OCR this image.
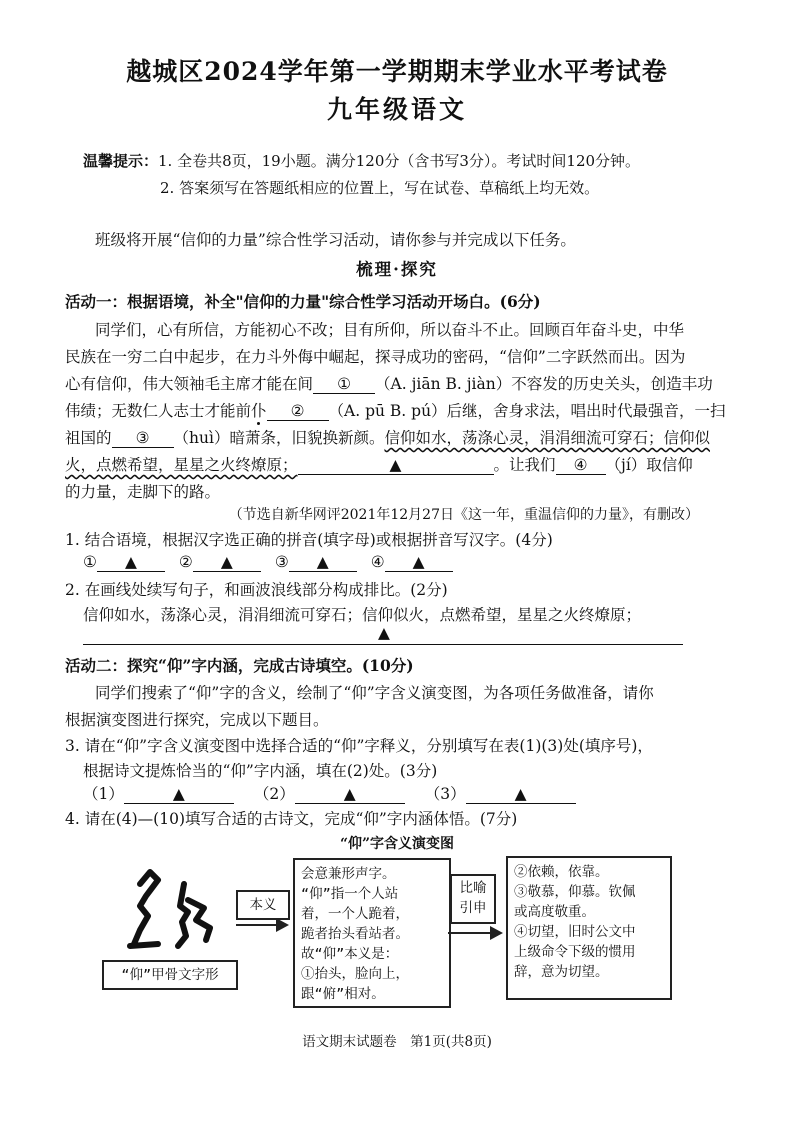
越城区2024学年第一学期期末学业水平考试卷
九年级语文
温馨提示：1. 全卷共8页，19小题。满分120分（含书写3分）。考试时间120分钟。
2. 答案须写在答题纸相应的位置上，写在试卷、草稿纸上均无效。
班级将开展“信仰的力量”综合性学习活动，请你参与并完成以下任务。
梳理·探究
活动一：根据语境，补全"信仰的力量"综合性学习活动开场白。(6分)
同学们，心有所信，方能初心不改；目有所仰，所以奋斗不止。回顾百年奋斗史，中华
民族在一穷二白中起步，在力斗外侮中崛起，探寻成功的密码，“信仰”二字跃然而出。因为
心有信仰，伟大领袖毛主席才能在间 ① （A. jiān B. jiàn）不容发的历史关头，创造丰功
伟绩；无数仁人志士才能前仆 ② （A. pū B. pú）后继，舍身求法，唱出时代最强音，一扫
祖国的 ③ （huì）暗萧条，旧貌换新颜。信仰如水，荡涤心灵，涓涓细流可穿石；信仰似
火，点燃希望，星星之火终燎原；	▲	。让我们 ④ （jí）取信仰
的力量，走脚下的路。
（节选自新华网评2021年12月27日《这一年，重温信仰的力量》，有删改）
1. 结合语境，根据汉字选正确的拼音(填字母)或根据拼音写汉字。(4分)
① ▲	② ▲	③ ▲	④ ▲
2. 在画线处续写句子，和画波浪线部分构成排比。(2分)
信仰如水，荡涤心灵，涓涓细流可穿石；信仰似火，点燃希望，星星之火终燎原；
▲
活动二：探究“仰”字内涵，完成古诗填空。(10分)
同学们搜索了“仰”字的含义，绘制了“仰”字含义演变图，为各项任务做准备，请你
根据演变图进行探究，完成以下题目。
3. 请在“仰”字含义演变图中选择合适的“仰”字释义，分别填写在表(1)(3)处(填序号)，
根据诗文提炼恰当的“仰”字内涵，填在(2)处。(3分)
（1）	▲	（2）	▲	（3）	▲
4. 请在(4)—(10)填写合适的古诗文，完成“仰”字内涵体悟。(7分)
“仰”字含义演变图
“仰”甲骨文字形
本义
会意兼形声字。
“仰”指一个人站
着，一个人跪着，
跪者抬头看站者。
故“仰”本义是：
①抬头，脸向上，
跟“俯”相对。
比喻
引申
②依赖，依靠。
③敬慕，仰慕。钦佩
或高度敬重。
④切望，旧时公文中
上级命令下级的惯用
辞，意为切望。
语文期末试题卷　第1页(共8页)
